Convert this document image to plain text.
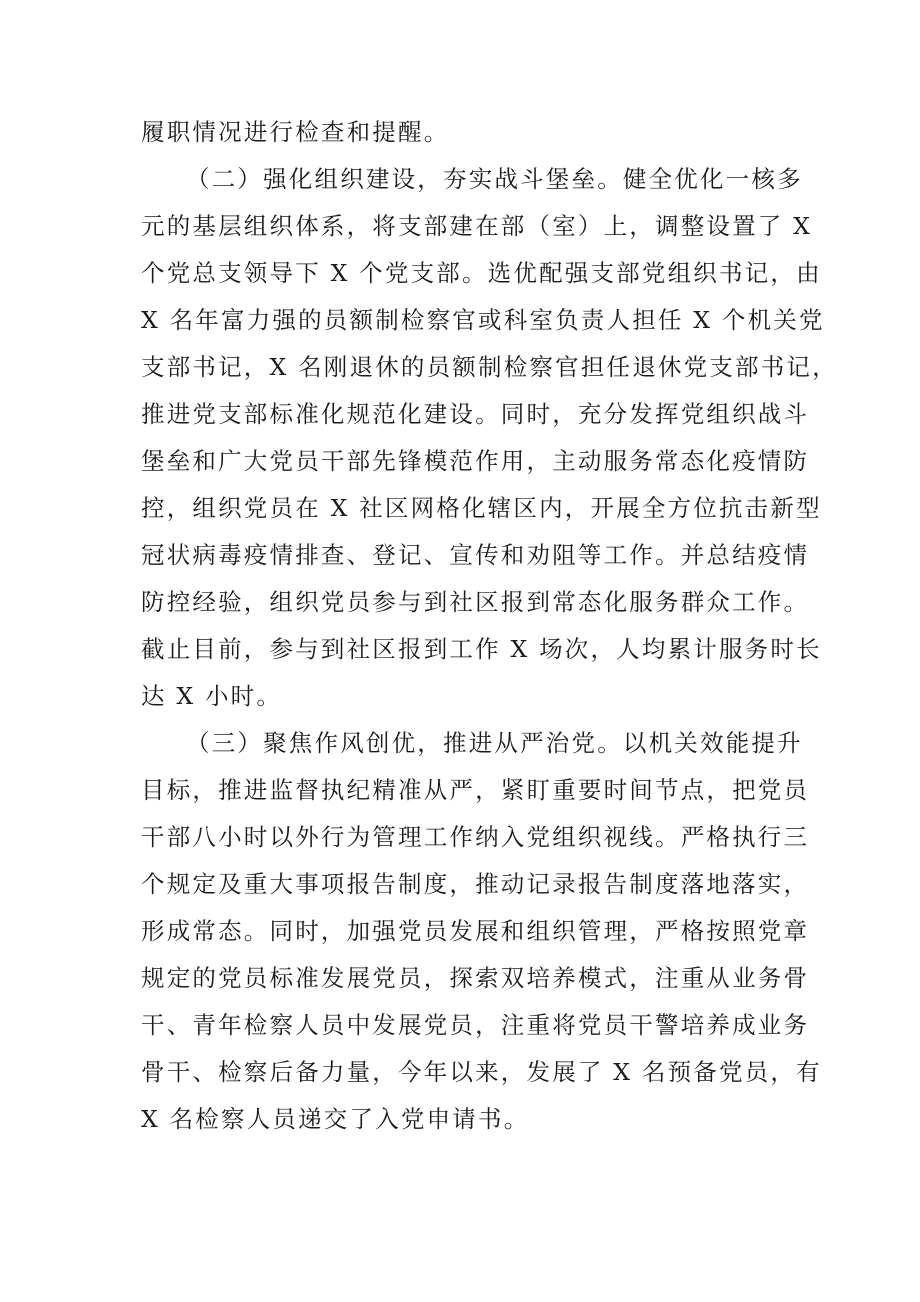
履职情况进行检查和提醒。
（二）强化组织建设，夯实战斗堡垒。健全优化一核多
元的基层组织体系，将支部建在部（室）上，调整设置了 X
个党总支领导下 X 个党支部。选优配强支部党组织书记，由
X 名年富力强的员额制检察官或科室负责人担任 X 个机关党
支部书记，X 名刚退休的员额制检察官担任退休党支部书记，
推进党支部标准化规范化建设。同时，充分发挥党组织战斗
堡垒和广大党员干部先锋模范作用，主动服务常态化疫情防
控，组织党员在 X 社区网格化辖区内，开展全方位抗击新型
冠状病毒疫情排查、登记、宣传和劝阻等工作。并总结疫情
防控经验，组织党员参与到社区报到常态化服务群众工作。
截止目前，参与到社区报到工作 X 场次，人均累计服务时长
达 X 小时。
（三）聚焦作风创优，推进从严治党。以机关效能提升
目标，推进监督执纪精准从严，紧盯重要时间节点，把党员
干部八小时以外行为管理工作纳入党组织视线。严格执行三
个规定及重大事项报告制度，推动记录报告制度落地落实，
形成常态。同时，加强党员发展和组织管理，严格按照党章
规定的党员标准发展党员，探索双培养模式，注重从业务骨
干、青年检察人员中发展党员，注重将党员干警培养成业务
骨干、检察后备力量，今年以来，发展了 X 名预备党员，有
X 名检察人员递交了入党申请书。
